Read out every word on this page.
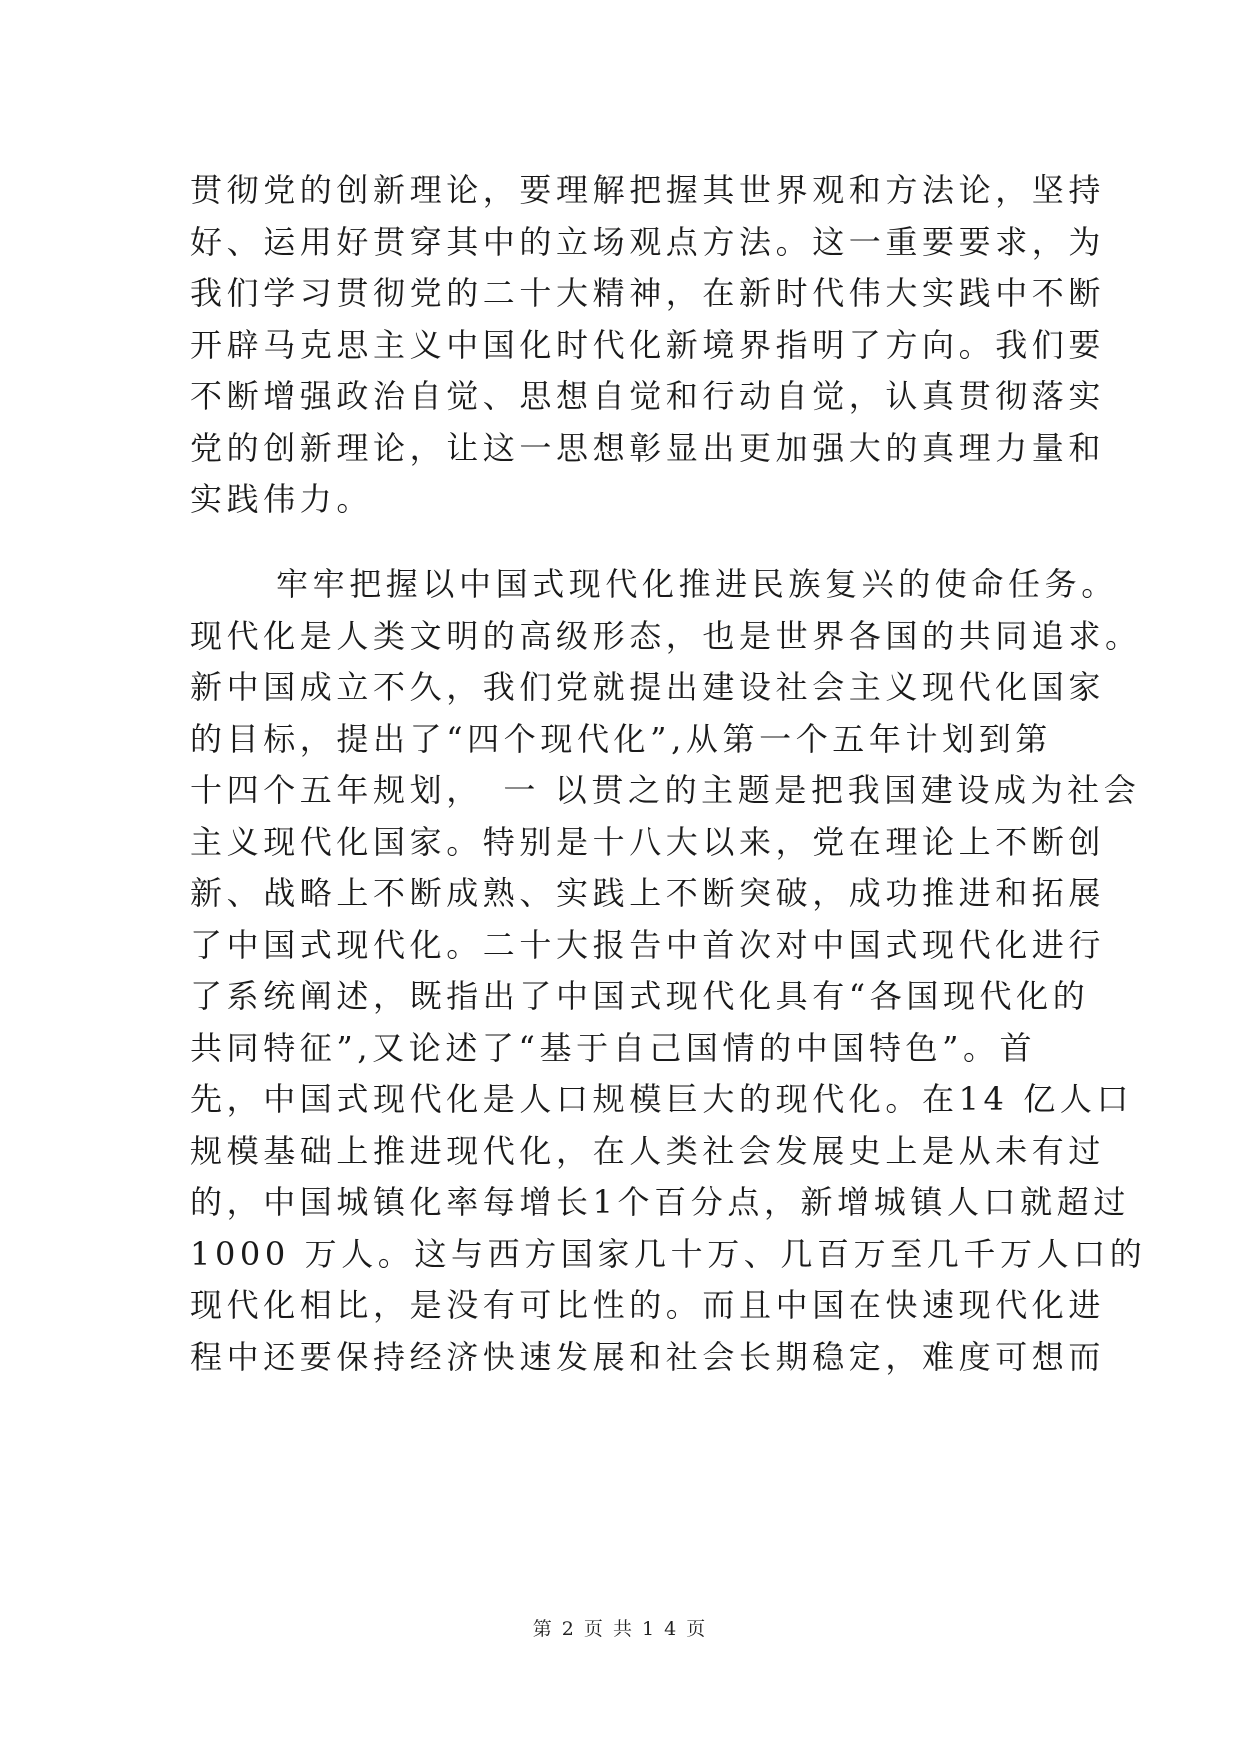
贯彻党的创新理论，要理解把握其世界观和方法论，坚持
好、运用好贯穿其中的立场观点方法。这一重要要求，为
我们学习贯彻党的二十大精神，在新时代伟大实践中不断
开辟马克思主义中国化时代化新境界指明了方向。我们要
不断增强政治自觉、思想自觉和行动自觉，认真贯彻落实
党的创新理论，让这一思想彰显出更加强大的真理力量和
实践伟力。
牢牢把握以中国式现代化推进民族复兴的使命任务。
现代化是人类文明的高级形态，也是世界各国的共同追求。
新中国成立不久，我们党就提出建设社会主义现代化国家
的目标，提出了“四个现代化”,从第一个五年计划到第
十四个五年规划，　一 以贯之的主题是把我国建设成为社会
主义现代化国家。特别是十八大以来，党在理论上不断创
新、战略上不断成熟、实践上不断突破，成功推进和拓展
了中国式现代化。二十大报告中首次对中国式现代化进行
了系统阐述，既指出了中国式现代化具有“各国现代化的
共同特征”,又论述了“基于自己国情的中国特色”。首
先，中国式现代化是人口规模巨大的现代化。在14 亿人口
规模基础上推进现代化，在人类社会发展史上是从未有过
的，中国城镇化率每增长1个百分点，新增城镇人口就超过
1000 万人。这与西方国家几十万、几百万至几千万人口的
现代化相比，是没有可比性的。而且中国在快速现代化进
程中还要保持经济快速发展和社会长期稳定，难度可想而
第 2 页 共 1 4 页
